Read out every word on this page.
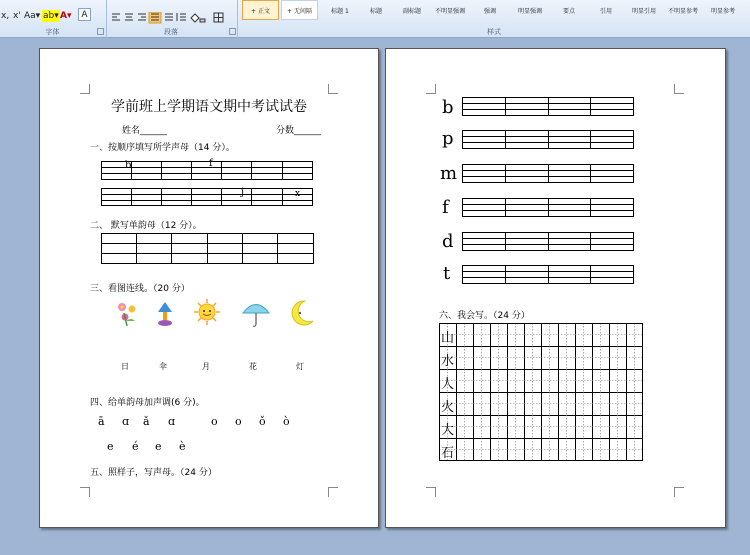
x, x' Aa▾ ab▾ A▾	A
字体	段落
+ 正文	+ 无间隔	标题 1	标题	副标题	不明显强调	强调	明显强调	要点	引用	明显引用	不明显参考	明显参考
样式
学前班上学期语文期中考试试卷
姓名______	分数______
一、按顺序填写所学声母（14 分）。
b	f
j	x
二、 默写单韵母（12 分）。
三、看图连线。（20 分）
日	伞	月	花	灯
四、给单韵母加声调(6 分)。
ā ɑ ǎ ɑ	o o ǒ ò
e é e è
五、照样子，写声母。（24 分）
b
p
m
f
d
t
六、我会写。（24 分）
山
水
人
火
大
石
